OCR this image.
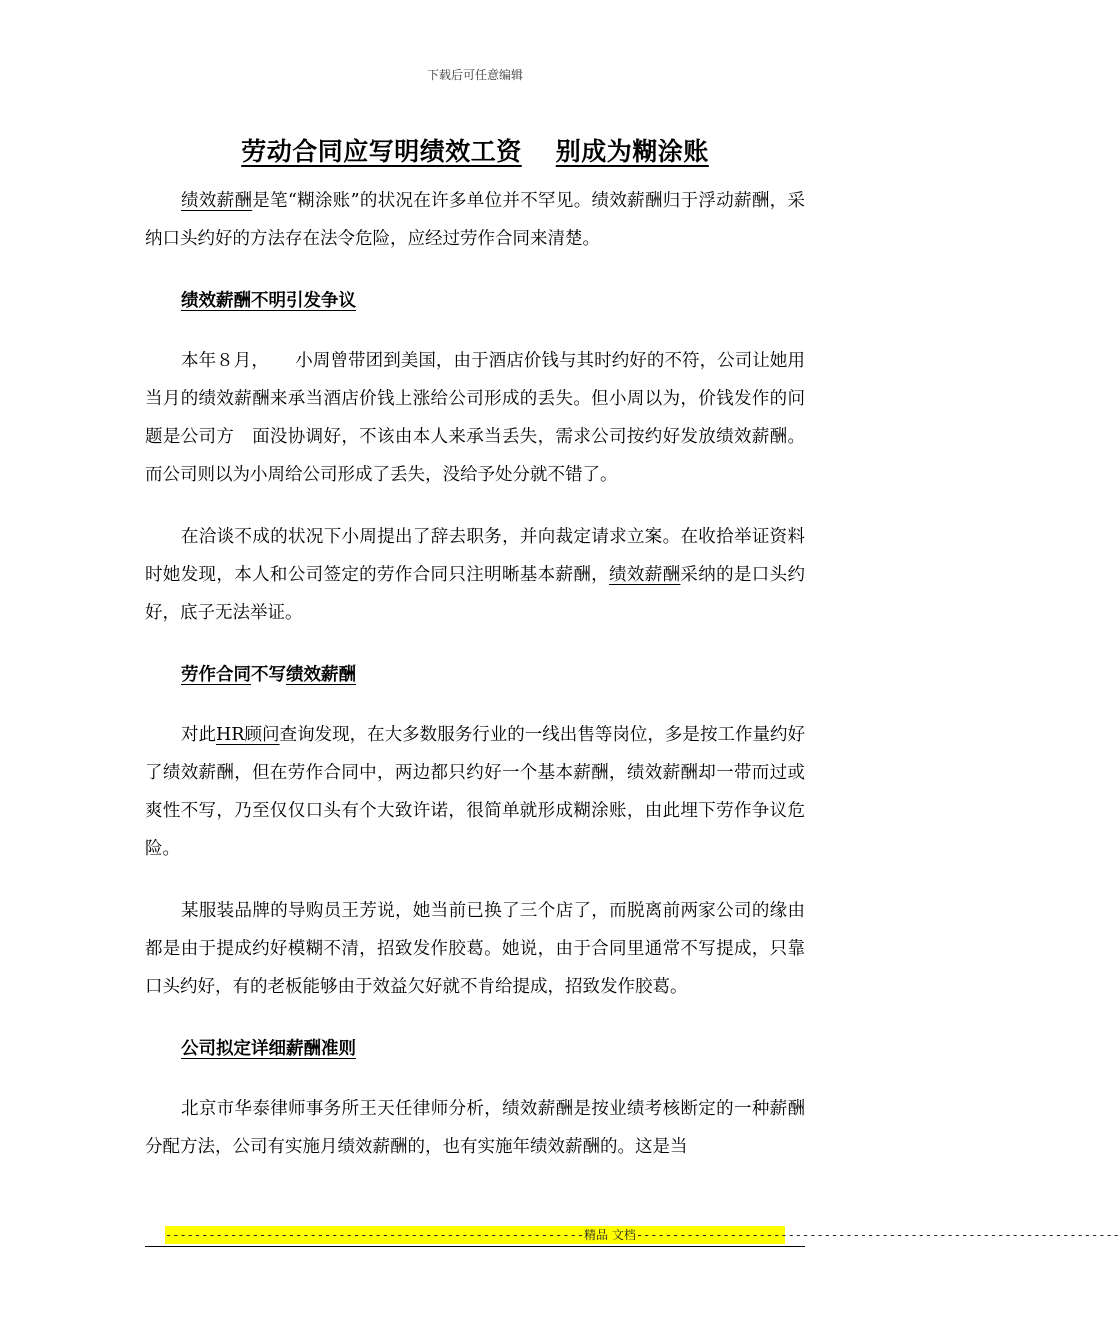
下载后可任意编辑
劳动合同应写明绩效工资 别成为糊涂账

绩效薪酬是笔“糊涂账”的状况在许多单位并不罕见。绩效薪酬归于浮动薪酬，采纳口头约好的方法存在法令危险，应经过劳作合同来清楚。

绩效薪酬不明引发争议

本年８月，　　小周曾带团到美国，由于酒店价钱与其时约好的不符，公司让她用当月的绩效薪酬来承当酒店价钱上涨给公司形成的丢失。但小周以为，价钱发作的问题是公司方　面没协调好，不该由本人来承当丢失，需求公司按约好发放绩效薪酬。而公司则以为小周给公司形成了丢失，没给予处分就不错了。

在洽谈不成的状况下小周提出了辞去职务，并向裁定请求立案。在收拾举证资料时她发现，本人和公司签定的劳作合同只注明晰基本薪酬，绩效薪酬采纳的是口头约好，底子无法举证。

劳作合同不写绩效薪酬

对此HR顾问查询发现，在大多数服务行业的一线出售等岗位，多是按工作量约好了绩效薪酬，但在劳作合同中，两边都只约好一个基本薪酬，绩效薪酬却一带而过或爽性不写，乃至仅仅口头有个大致许诺，很简单就形成糊涂账，由此埋下劳作争议危险。

某服装品牌的导购员王芳说，她当前已换了三个店了，而脱离前两家公司的缘由都是由于提成约好模糊不清，招致发作胶葛。她说，由于合同里通常不写提成，只靠口头约好，有的老板能够由于效益欠好就不肯给提成，招致发作胶葛。

公司拟定详细薪酬准则

北京市华泰律师事务所王天任律师分析，绩效薪酬是按业绩考核断定的一种薪酬分配方法，公司有实施月绩效薪酬的，也有实施年绩效薪酬的。这是当

----------------------------------------------------------精品 文档-------------------------------------------------------------------
